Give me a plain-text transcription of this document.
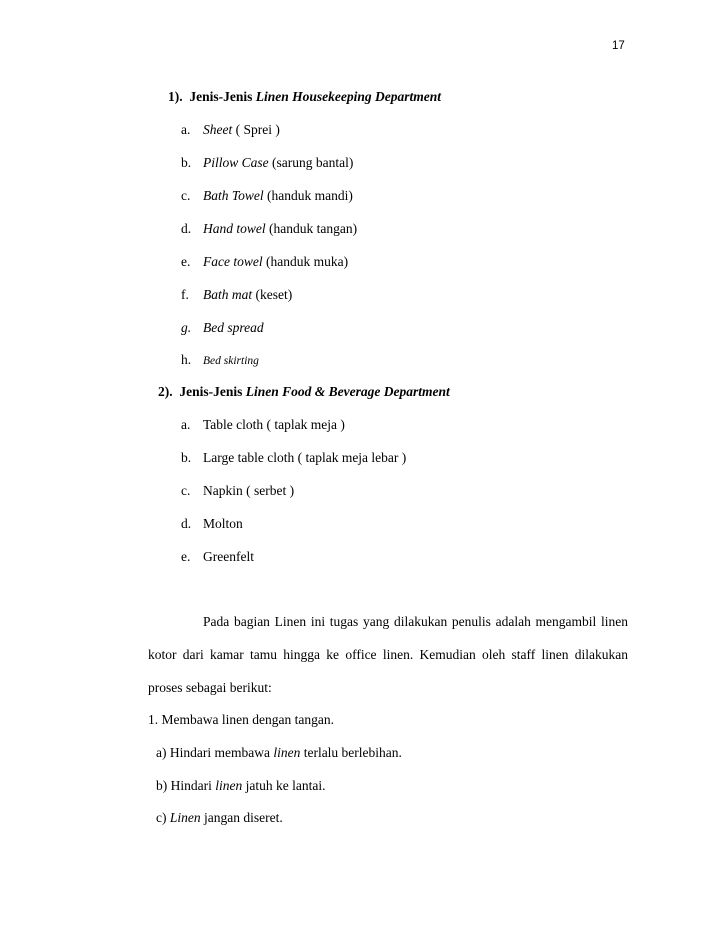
17
1). Jenis-Jenis Linen Housekeeping Department
a. Sheet ( Sprei )
b. Pillow Case (sarung bantal)
c. Bath Towel (handuk mandi)
d. Hand towel (handuk tangan)
e. Face towel (handuk muka)
f. Bath mat (keset)
g. Bed spread
h. Bed skirting
2). Jenis-Jenis Linen Food & Beverage Department
a. Table cloth ( taplak meja )
b. Large table cloth ( taplak meja lebar )
c. Napkin ( serbet )
d. Molton
e. Greenfelt
Pada bagian Linen ini tugas yang dilakukan penulis adalah mengambil linen kotor dari kamar tamu hingga ke office linen. Kemudian oleh staff linen dilakukan proses sebagai berikut:
1. Membawa linen dengan tangan.
a) Hindari membawa linen terlalu berlebihan.
b) Hindari linen jatuh ke lantai.
c) Linen jangan diseret.
